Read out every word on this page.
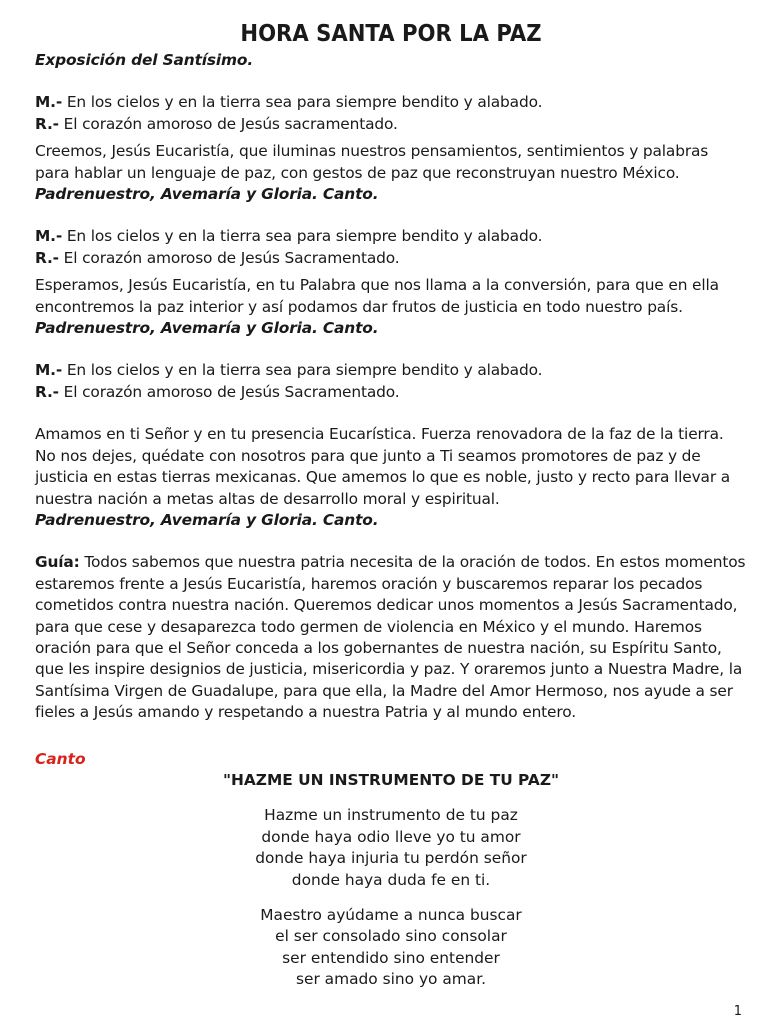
HORA SANTA POR LA PAZ
Exposición del Santísimo.
M.- En los cielos y en la tierra sea para siempre bendito y alabado.
R.- El corazón amoroso de Jesús sacramentado.

Creemos, Jesús Eucaristía, que iluminas nuestros pensamientos, sentimientos y palabras para hablar un lenguaje de paz, con gestos de paz que reconstruyan nuestro México.
Padrenuestro, Avemaría y Gloria. Canto.

M.- En los cielos y en la tierra sea para siempre bendito y alabado.
R.- El corazón amoroso de Jesús Sacramentado.

Esperamos, Jesús Eucaristía, en tu Palabra que nos llama a la conversión, para que en ella encontremos la paz interior y así podamos dar frutos de justicia en todo nuestro país. Padrenuestro, Avemaría y Gloria. Canto.

M.- En los cielos y en la tierra sea para siempre bendito y alabado.
R.- El corazón amoroso de Jesús Sacramentado.

Amamos en ti Señor y en tu presencia Eucarística. Fuerza renovadora de la faz de la tierra. No nos dejes, quédate con nosotros para que junto a Ti seamos promotores de paz y de justicia en estas tierras mexicanas. Que amemos lo que es noble, justo y recto para llevar a nuestra nación a metas altas de desarrollo moral y espiritual.
Padrenuestro, Avemaría y Gloria. Canto.

Guía: Todos sabemos que nuestra patria necesita de la oración de todos. En estos momentos estaremos frente a Jesús Eucaristía, haremos oración y buscaremos reparar los pecados cometidos contra nuestra nación. Queremos dedicar unos momentos a Jesús Sacramentado, para que cese y desaparezca todo germen de violencia en México y el mundo. Haremos oración para que el Señor conceda a los gobernantes de nuestra nación, su Espíritu Santo, que les inspire designios de justicia, misericordia y paz. Y oraremos junto a Nuestra Madre, la Santísima Virgen de Guadalupe, para que ella, la Madre del Amor Hermoso, nos ayude a ser fieles a Jesús amando y respetando a nuestra Patria y al mundo entero.

Canto
"HAZME UN INSTRUMENTO DE TU PAZ"
Hazme un instrumento de tu paz
donde haya odio lleve yo tu amor
donde haya injuria tu perdón señor
donde haya duda fe en ti.
Maestro ayúdame a nunca buscar
el ser consolado sino consolar
ser entendido sino entender
ser amado sino yo amar.
1
